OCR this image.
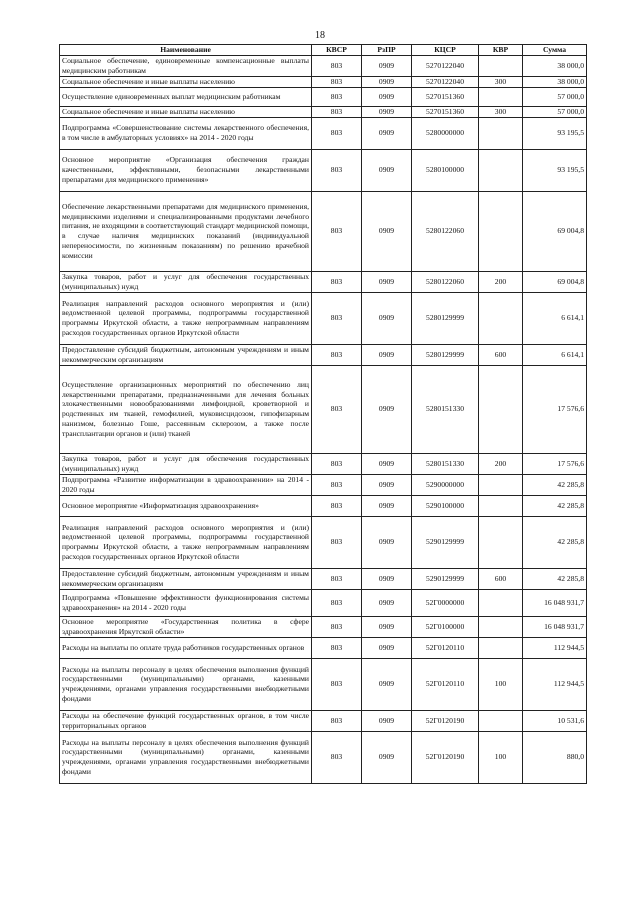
18
Наименование	КВСР	РзПР	КЦСР	КВР	Сумма
Социальное обеспечение, единовременные компенсационные выплаты медицинским работникам	803	0909	5270122040		38 000,0
Социальное обеспечение и иные выплаты населению	803	0909	5270122040	300	38 000,0
Осуществление единовременных выплат медицинским работникам	803	0909	5270151360		57 000,0
Социальное обеспечение и иные выплаты населению	803	0909	5270151360	300	57 000,0
Подпрограмма «Совершенствование системы лекарственного обеспечения, в том числе в амбулаторных условиях» на 2014 - 2020 годы	803	0909	5280000000		93 195,5
Основное мероприятие «Организация обеспечения граждан качественными, эффективными, безопасными лекарственными препаратами для медицинского применения»	803	0909	5280100000		93 195,5
Обеспечение лекарственными препаратами для медицинского применения, медицинскими изделиями и специализированными продуктами лечебного питания, не входящими в соответствующий стандарт медицинской помощи, в случае наличия медицинских показаний (индивидуальной непереносимости, по жизненным показаниям) по решению врачебной комиссии	803	0909	5280122060		69 004,8
Закупка товаров, работ и услуг для обеспечения государственных (муниципальных) нужд	803	0909	5280122060	200	69 004,8
Реализация направлений расходов основного мероприятия и (или) ведомственной целевой программы, подпрограммы государственной программы Иркутской области, а также непрограммным направлениям расходов государственных органов Иркутской области	803	0909	5280129999		6 614,1
Предоставление субсидий бюджетным, автономным учреждениям и иным некоммерческим организациям	803	0909	5280129999	600	6 614,1
Осуществление организационных мероприятий по обеспечению лиц лекарственными препаратами, предназначенными для лечения больных злокачественными новообразованиями лимфоидной, кроветворной и родственных им тканей, гемофилией, муковисцидозом, гипофизарным нанизмом, болезнью Гоше, рассеянным склерозом, а также после трансплантации органов и (или) тканей	803	0909	5280151330		17 576,6
Закупка товаров, работ и услуг для обеспечения государственных (муниципальных) нужд	803	0909	5280151330	200	17 576,6
Подпрограмма «Развитие информатизации в здравоохранении» на 2014 - 2020 годы	803	0909	5290000000		42 285,8
Основное мероприятие «Информатизация здравоохранения»	803	0909	5290100000		42 285,8
Реализация направлений расходов основного мероприятия и (или) ведомственной целевой программы, подпрограммы государственной программы Иркутской области, а также непрограммным направлениям расходов государственных органов Иркутской области	803	0909	5290129999		42 285,8
Предоставление субсидий бюджетным, автономным учреждениям и иным некоммерческим организациям	803	0909	5290129999	600	42 285,8
Подпрограмма «Повышение эффективности функционирования системы здравоохранения» на 2014 - 2020 годы	803	0909	52Г0000000		16 048 931,7
Основное мероприятие «Государственная политика в сфере здравоохранения Иркутской области»	803	0909	52Г0100000		16 048 931,7
Расходы на выплаты по оплате труда работников государственных органов	803	0909	52Г0120110		112 944,5
Расходы на выплаты персоналу в целях обеспечения выполнения функций государственными (муниципальными) органами, казенными учреждениями, органами управления государственными внебюджетными фондами	803	0909	52Г0120110	100	112 944,5
Расходы на обеспечение функций государственных органов, в том числе территориальных органов	803	0909	52Г0120190		10 531,6
Расходы на выплаты персоналу в целях обеспечения выполнения функций государственными (муниципальными) органами, казенными учреждениями, органами управления государственными внебюджетными фондами	803	0909	52Г0120190	100	880,0
